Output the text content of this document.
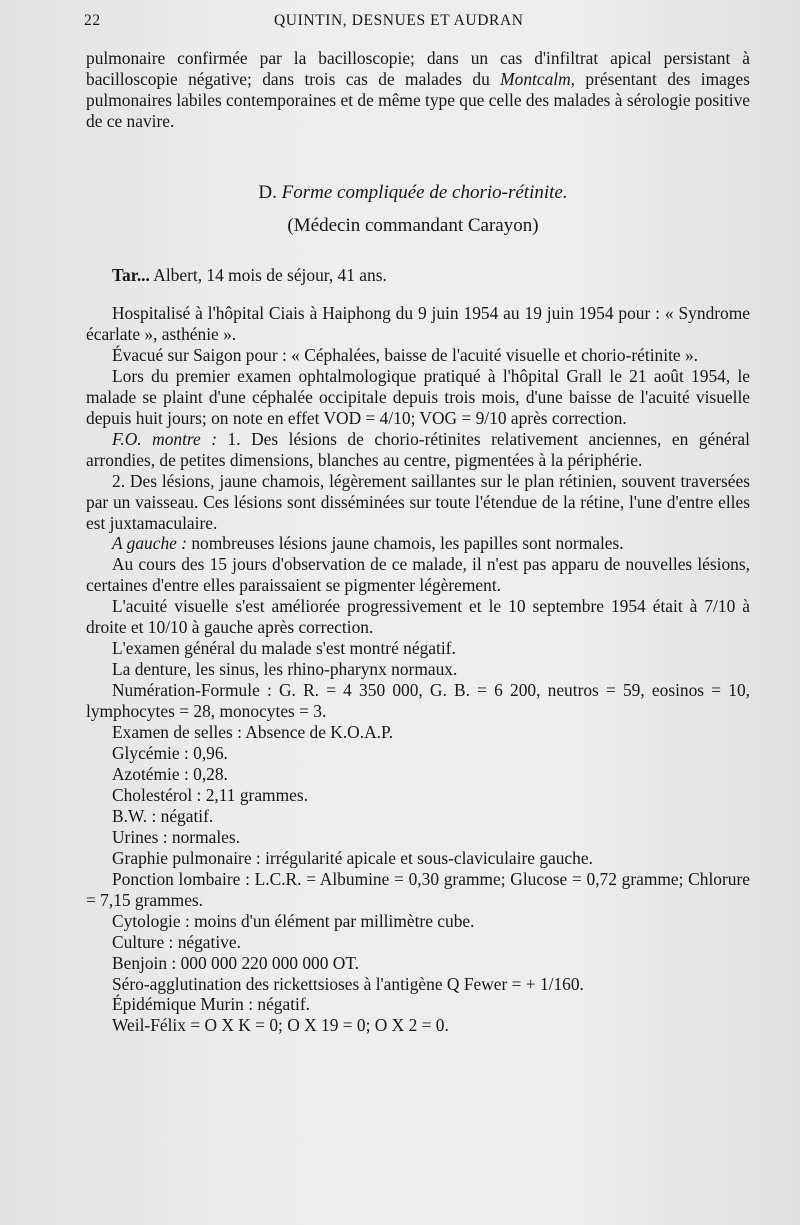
22	QUINTIN, DESNUES ET AUDRAN

pulmonaire confirmée par la bacilloscopie; dans un cas d'infiltrat apical persistant à bacilloscopie négative; dans trois cas de malades du Montcalm, présentant des images pulmonaires labiles contemporaines et de même type que celle des malades à sérologie positive de ce navire.

D. Forme compliquée de chorio-rétinite.
(Médecin commandant Carayon)

Tar... Albert, 14 mois de séjour, 41 ans.

Hospitalisé à l'hôpital Ciais à Haiphong du 9 juin 1954 au 19 juin 1954 pour : « Syndrome écarlate », asthénie ».

Évacué sur Saigon pour : « Céphalées, baisse de l'acuité visuelle et chorio-rétinite ».

Lors du premier examen ophtalmologique pratiqué à l'hôpital Grall le 21 août 1954, le malade se plaint d'une céphalée occipitale depuis trois mois, d'une baisse de l'acuité visuelle depuis huit jours; on note en effet VOD = 4/10; VOG = 9/10 après correction.

F.O. montre : 1. Des lésions de chorio-rétinites relativement anciennes, en général arrondies, de petites dimensions, blanches au centre, pigmentées à la périphérie.

2. Des lésions, jaune chamois, légèrement saillantes sur le plan rétinien, souvent traversées par un vaisseau. Ces lésions sont disséminées sur toute l'étendue de la rétine, l'une d'entre elles est juxtamaculaire.

A gauche : nombreuses lésions jaune chamois, les papilles sont normales.

Au cours des 15 jours d'observation de ce malade, il n'est pas apparu de nouvelles lésions, certaines d'entre elles paraissaient se pigmenter légèrement.

L'acuité visuelle s'est améliorée progressivement et le 10 septembre 1954 était à 7/10 à droite et 10/10 à gauche après correction.

L'examen général du malade s'est montré négatif.

La denture, les sinus, les rhino-pharynx normaux.

Numération-Formule : G. R. = 4 350 000, G. B. = 6 200, neutros = 59, eosinos = 10, lymphocytes = 28, monocytes = 3.
Examen de selles : Absence de K.O.A.P.
Glycémie : 0,96.
Azotémie : 0,28.
Cholestérol : 2,11 grammes.
B.W. : négatif.
Urines : normales.
Graphie pulmonaire : irrégularité apicale et sous-claviculaire gauche.
Ponction lombaire : L.C.R. = Albumine = 0,30 gramme; Glucose = 0,72 gramme; Chlorure = 7,15 grammes.
Cytologie : moins d'un élément par millimètre cube.
Culture : négative.
Benjoin : 000 000 220 000 000 OT.
Séro-agglutination des rickettsioses à l'antigène Q Fewer = + 1/160.
Épidémique Murin : négatif.
Weil-Félix = O X K = 0; O X 19 = 0; O X 2 = 0.
